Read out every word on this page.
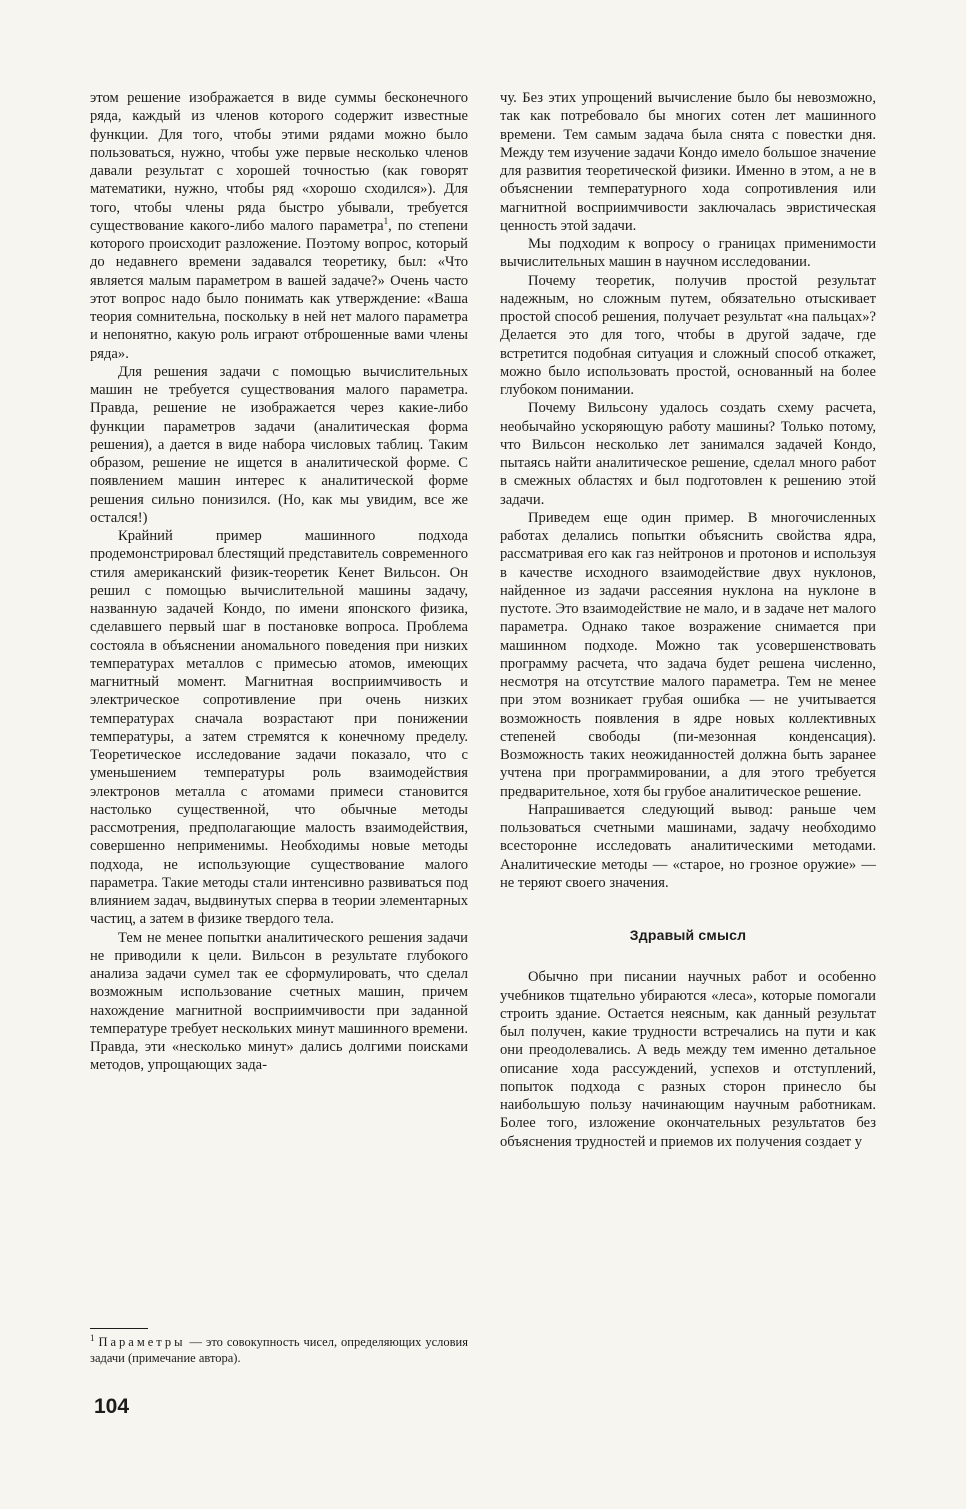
этом решение изображается в виде суммы бесконечного ряда, каждый из членов которого содержит известные функции. Для того, чтобы этими рядами можно было пользоваться, нужно, чтобы уже первые несколько членов давали результат с хорошей точностью (как говорят математики, нужно, чтобы ряд «хорошо сходился»). Для того, чтобы члены ряда быстро убывали, требуется существование какого-либо малого параметра$^1$, по степени которого происходит разложение. Поэтому вопрос, который до недавнего времени задавался теоретику, был: «Что является малым параметром в вашей задаче?» Очень часто этот вопрос надо было понимать как утверждение: «Ваша теория сомнительна, поскольку в ней нет малого параметра и непонятно, какую роль играют отброшенные вами члены ряда».

Для решения задачи с помощью вычислительных машин не требуется существования малого параметра. Правда, решение не изображается через какие-либо функции параметров задачи (аналитическая форма решения), а дается в виде набора числовых таблиц. Таким образом, решение не ищется в аналитической форме. С появлением машин интерес к аналитической форме решения сильно понизился. (Но, как мы увидим, все же остался!)

Крайний пример машинного подхода продемонстрировал блестящий представитель современного стиля американский физик-теоретик Кенет Вильсон. Он решил с помощью вычислительной машины задачу, названную задачей Кондо, по имени японского физика, сделавшего первый шаг в постановке вопроса. Проблема состояла в объяснении аномального поведения при низких температурах металлов с примесью атомов, имеющих магнитный момент. Магнитная восприимчивость и электрическое сопротивление при очень низких температурах сначала возрастают при понижении температуры, а затем стремятся к конечному пределу. Теоретическое исследование задачи показало, что с уменьшением температуры роль взаимодействия электронов металла с атомами примеси становится настолько существенной, что обычные методы рассмотрения, предполагающие малость взаимодействия, совершенно неприменимы. Необходимы новые методы подхода, не использующие существование малого параметра. Такие методы стали интенсивно развиваться под влиянием задач, выдвинутых сперва в теории элементарных частиц, а затем в физике твердого тела.

Тем не менее попытки аналитического решения задачи не приводили к цели. Вильсон в результате глубокого анализа задачи сумел так ее сформулировать, что сделал возможным использование счетных машин, причем нахождение магнитной восприимчивости при заданной температуре требует нескольких минут машинного времени. Правда, эти «несколько минут» дались долгими поисками методов, упрощающих зада-

чу. Без этих упрощений вычисление было бы невозможно, так как потребовало бы многих сотен лет машинного времени. Тем самым задача была снята с повестки дня. Между тем изучение задачи Кондо имело большое значение для развития теоретической физики. Именно в этом, а не в объяснении температурного хода сопротивления или магнитной восприимчивости заключалась эвристическая ценность этой задачи.

Мы подходим к вопросу о границах применимости вычислительных машин в научном исследовании.

Почему теоретик, получив простой результат надежным, но сложным путем, обязательно отыскивает простой способ решения, получает результат «на пальцах»? Делается это для того, чтобы в другой задаче, где встретится подобная ситуация и сложный способ откажет, можно было использовать простой, основанный на более глубоком понимании.

Почему Вильсону удалось создать схему расчета, необычайно ускоряющую работу машины? Только потому, что Вильсон несколько лет занимался задачей Кондо, пытаясь найти аналитическое решение, сделал много работ в смежных областях и был подготовлен к решению этой задачи.

Приведем еще один пример. В многочисленных работах делались попытки объяснить свойства ядра, рассматривая его как газ нейтронов и протонов и используя в качестве исходного взаимодействие двух нуклонов, найденное из задачи рассеяния нуклона на нуклоне в пустоте. Это взаимодействие не мало, и в задаче нет малого параметра. Однако такое возражение снимается при машинном подходе. Можно так усовершенствовать программу расчета, что задача будет решена численно, несмотря на отсутствие малого параметра. Тем не менее при этом возникает грубая ошибка — не учитывается возможность появления в ядре новых коллективных степеней свободы (пи-мезонная конденсация). Возможность таких неожиданностей должна быть заранее учтена при программировании, а для этого требуется предварительное, хотя бы грубое аналитическое решение.

Напрашивается следующий вывод: раньше чем пользоваться счетными машинами, задачу необходимо всесторонне исследовать аналитическими методами. Аналитические методы — «старое, но грозное оружие» — не теряют своего значения.

Здравый смысл

Обычно при писании научных работ и особенно учебников тщательно убираются «леса», которые помогали строить здание. Остается неясным, как данный результат был получен, какие трудности встречались на пути и как они преодолевались. А ведь между тем именно детальное описание хода рассуждений, успехов и отступлений, попыток подхода с разных сторон принесло бы наибольшую пользу начинающим научным работникам. Более того, изложение окончательных результатов без объяснения трудностей и приемов их получения создает у

$^1$ Параметры — это совокупность чисел, определяющих условия задачи (примечание автора).
104
